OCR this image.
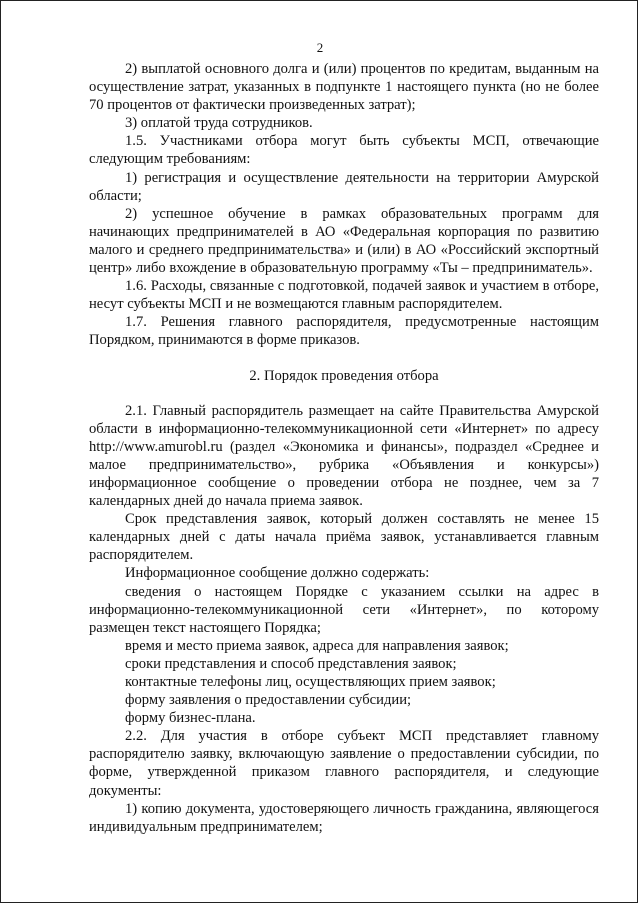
2

2) выплатой основного долга и (или) процентов по кредитам, выданным на осуществление затрат, указанных в подпункте 1 настоящего пункта (но не более 70 процентов от фактически произведенных затрат);

3) оплатой труда сотрудников.

1.5. Участниками отбора могут быть субъекты МСП, отвечающие следующим требованиям:

1) регистрация и осуществление деятельности на территории Амурской области;

2) успешное обучение в рамках образовательных программ для начинающих предпринимателей в АО «Федеральная корпорация по развитию малого и среднего предпринимательства» и (или) в АО «Российский экспортный центр» либо вхождение в образовательную программу «Ты – предприниматель».

1.6. Расходы, связанные с подготовкой, подачей заявок и участием в отборе, несут субъекты МСП и не возмещаются главным распорядителем.

1.7. Решения главного распорядителя, предусмотренные настоящим Порядком, принимаются в форме приказов.

2. Порядок проведения отбора

2.1. Главный распорядитель размещает на сайте Правительства Амурской области в информационно-телекоммуникационной сети «Интернет» по адресу http://www.amurobl.ru (раздел «Экономика и финансы», подраздел «Среднее и малое предпринимательство», рубрика «Объявления и конкурсы») информационное сообщение о проведении отбора не позднее, чем за 7 календарных дней до начала приема заявок.

Срок представления заявок, который должен составлять не менее 15 календарных дней с даты начала приёма заявок, устанавливается главным распорядителем.

Информационное сообщение должно содержать:

сведения о настоящем Порядке с указанием ссылки на адрес в информационно-телекоммуникационной сети «Интернет», по которому размещен текст настоящего Порядка;

время и место приема заявок, адреса для направления заявок;

сроки представления и способ представления заявок;

контактные телефоны лиц, осуществляющих прием заявок;

форму заявления о предоставлении субсидии;

форму бизнес-плана.

2.2. Для участия в отборе субъект МСП представляет главному распорядителю заявку, включающую заявление о предоставлении субсидии, по форме, утвержденной приказом главного распорядителя, и следующие документы:

1) копию документа, удостоверяющего личность гражданина, являющегося индивидуальным предпринимателем;
